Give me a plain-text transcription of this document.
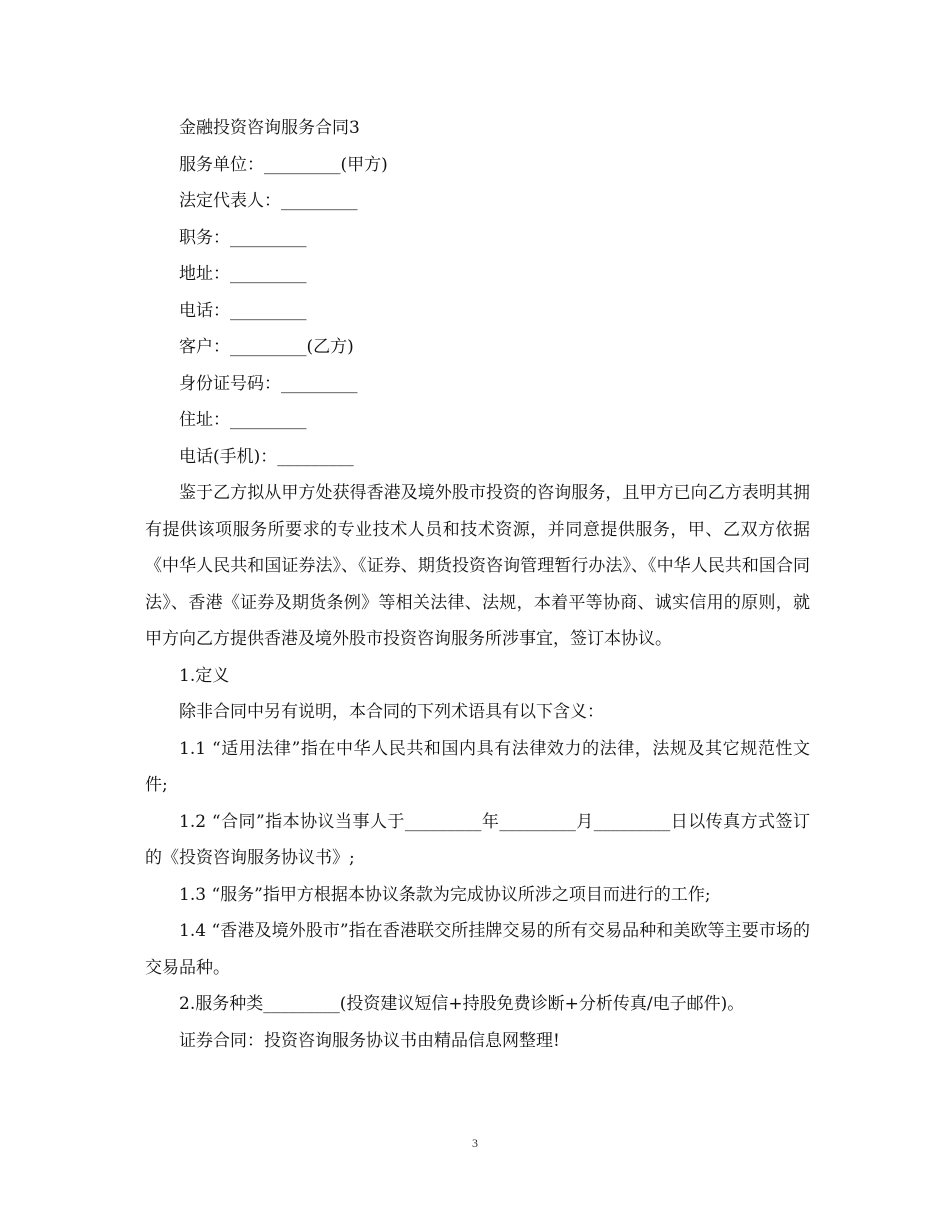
金融投资咨询服务合同3

服务单位：_________(甲方)

法定代表人：_________

职务：_________

地址：_________

电话：_________

客户：_________(乙方)

身份证号码：_________

住址：_________

电话(手机)：_________

鉴于乙方拟从甲方处获得香港及境外股市投资的咨询服务，且甲方已向乙方表明其拥有提供该项服务所要求的专业技术人员和技术资源，并同意提供服务，甲、乙双方依据《中华人民共和国证券法》、《证券、期货投资咨询管理暂行办法》、《中华人民共和国合同法》、香港《证券及期货条例》等相关法律、法规，本着平等协商、诚实信用的原则，就甲方向乙方提供香港及境外股市投资咨询服务所涉事宜，签订本协议。

1.定义

除非合同中另有说明，本合同的下列术语具有以下含义：

1.1 “适用法律”指在中华人民共和国内具有法律效力的法律，法规及其它规范性文件;

1.2 “合同”指本协议当事人于_________年_________月_________日以传真方式签订的《投资咨询服务协议书》;

1.3 “服务”指甲方根据本协议条款为完成协议所涉之项目而进行的工作;

1.4 “香港及境外股市”指在香港联交所挂牌交易的所有交易品种和美欧等主要市场的交易品种。

2.服务种类_________(投资建议短信+持股免费诊断+分析传真/电子邮件)。

证券合同：投资咨询服务协议书由精品信息网整理!

3
